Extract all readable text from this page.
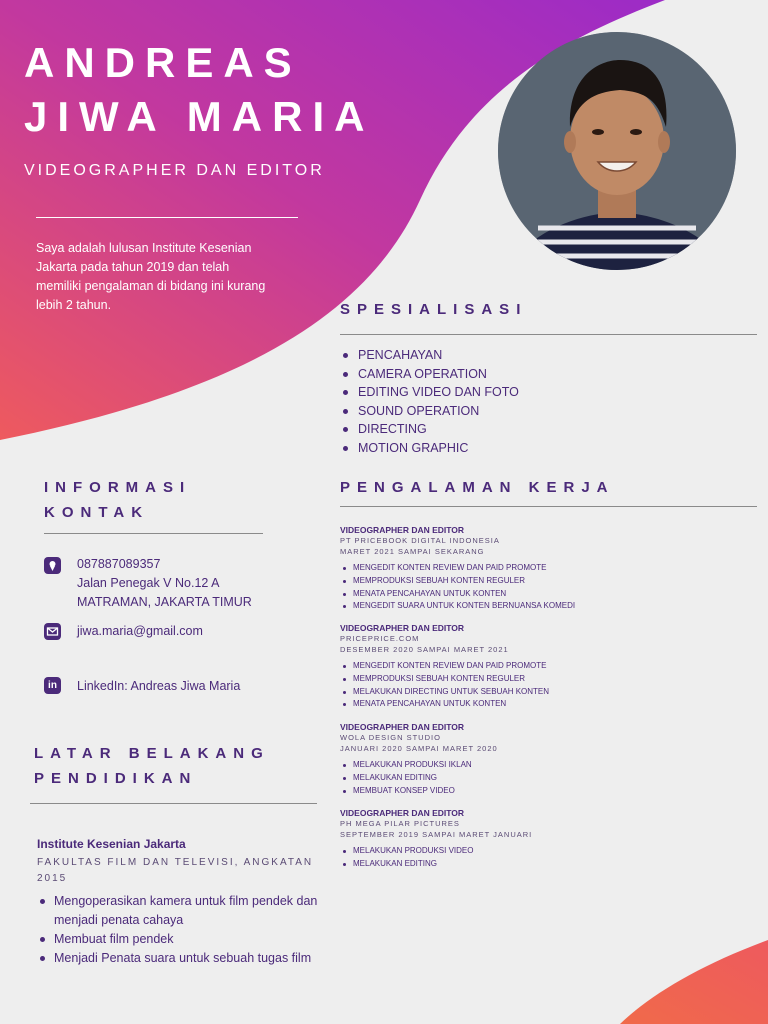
ANDREAS
JIWA MARIA
VIDEOGRAPHER DAN EDITOR
Saya adalah lulusan Institute Kesenian Jakarta pada tahun 2019 dan telah memiliki pengalaman di bidang ini kurang lebih 2 tahun.	SPESIALISASI
PENCAHAYAN
CAMERA OPERATION
EDITING VIDEO DAN FOTO
SOUND OPERATION
DIRECTING
MOTION GRAPHIC
INFORMASI
KONTAK
087887089357
Jalan Penegak V No.12 A
MATRAMAN, JAKARTA TIMUR
jiwa.maria@gmail.com
in	LinkedIn: Andreas Jiwa Maria
PENGALAMAN KERJA
VIDEOGRAPHER DAN EDITOR
PT PRICEBOOK DIGITAL INDONESIA
MARET 2021 SAMPAI SEKARANG
MENGEDIT KONTEN REVIEW DAN PAID PROMOTE
MEMPRODUKSI SEBUAH KONTEN REGULER
MENATA PENCAHAYAN UNTUK KONTEN
MENGEDIT SUARA UNTUK KONTEN BERNUANSA KOMEDI
VIDEOGRAPHER DAN EDITOR
PRICEPRICE.COM
DESEMBER 2020 SAMPAI MARET 2021
MENGEDIT KONTEN REVIEW DAN PAID PROMOTE
MEMPRODUKSI SEBUAH KONTEN REGULER
MELAKUKAN DIRECTING UNTUK SEBUAH KONTEN
MENATA PENCAHAYAN UNTUK KONTEN
VIDEOGRAPHER DAN EDITOR
WOLA DESIGN STUDIO
JANUARI 2020 SAMPAI MARET 2020
MELAKUKAN PRODUKSI IKLAN
MELAKUKAN EDITING
MEMBUAT KONSEP VIDEO
VIDEOGRAPHER DAN EDITOR
PH MEGA PILAR PICTURES
SEPTEMBER 2019 SAMPAI MARET JANUARI
MELAKUKAN PRODUKSI VIDEO
MELAKUKAN EDITING
LATAR BELAKANG
PENDIDIKAN
Institute Kesenian Jakarta
FAKULTAS FILM DAN TELEVISI, ANGKATAN 2015
Mengoperasikan kamera untuk film pendek dan menjadi penata cahaya
Membuat film pendek
Menjadi Penata suara untuk sebuah tugas film
